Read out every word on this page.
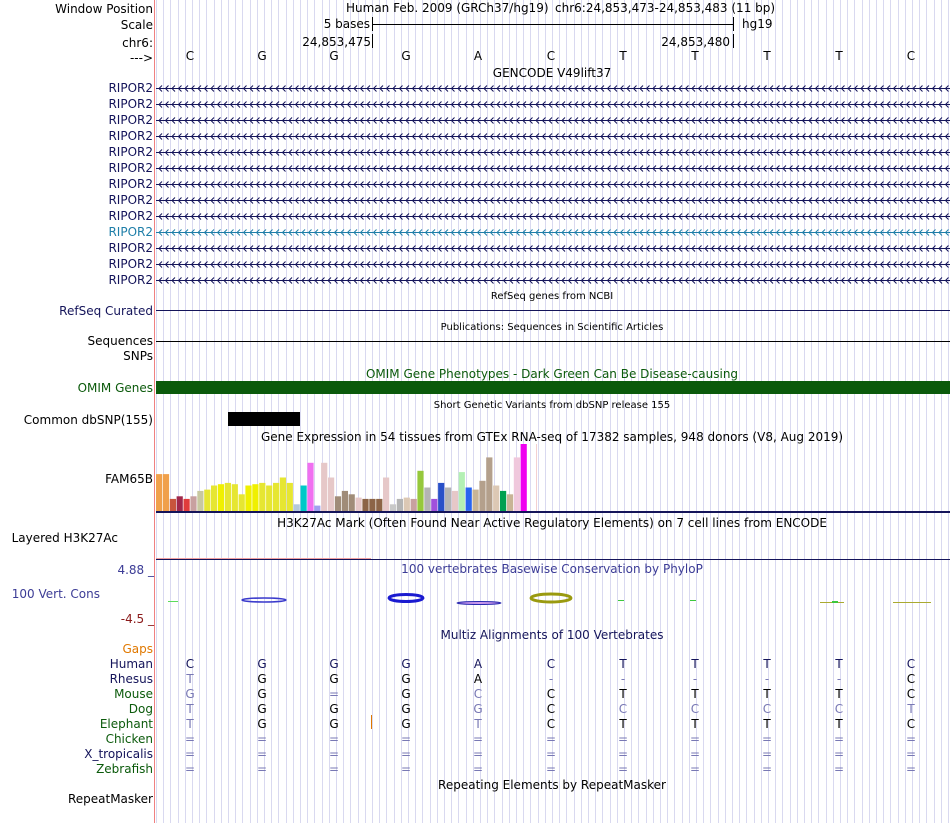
Window Position	Human Feb. 2009 (GRCh37/hg19) chr6:24,853,473-24,853,483 (11 bp)
Scale	5 bases	hg19
chr6:	24,853,475	24,853,480
--->	C	G	G	G	A	C	T	T	T	T	C
GENCODE V49lift37
RIPOR2
RIPOR2
RIPOR2
RIPOR2
RIPOR2
RIPOR2
RIPOR2
RIPOR2
RIPOR2
RIPOR2
RIPOR2
RIPOR2
RIPOR2
RefSeq genes from NCBI
RefSeq Curated
Publications: Sequences in Scientific Articles
Sequences
SNPs
OMIM Gene Phenotypes - Dark Green Can Be Disease-causing
OMIM Genes
Short Genetic Variants from dbSNP release 155
Common dbSNP(155)
Gene Expression in 54 tissues from GTEx RNA-seq of 17382 samples, 948 donors (V8, Aug 2019)
FAM65B
H3K27Ac Mark (Often Found Near Active Regulatory Elements) on 7 cell lines from ENCODE
Layered H3K27Ac
100 vertebrates Basewise Conservation by PhyloP
4.88 _
100 Vert. Cons
-4.5 _
Multiz Alignments of 100 Vertebrates
Gaps
Human	C	G	G	G	A	C	T	T	T	T	C
Rhesus	T	G	G	G	A	-	-	-	-	-	C
Mouse	G	G	=	G	C	C	T	T	T	T	C
Dog	T	G	G	G	G	C	C	C	C	C	T
Elephant	T	G	G	G	T	C	T	T	T	T	C
Chicken	=	=	=	=	=	=	=	=	=	=	=
X_tropicalis	=	=	=	=	=	=	=	=	=	=	=
Zebrafish	=	=	=	=	=	=	=	=	=	=	=
Repeating Elements by RepeatMasker
RepeatMasker
